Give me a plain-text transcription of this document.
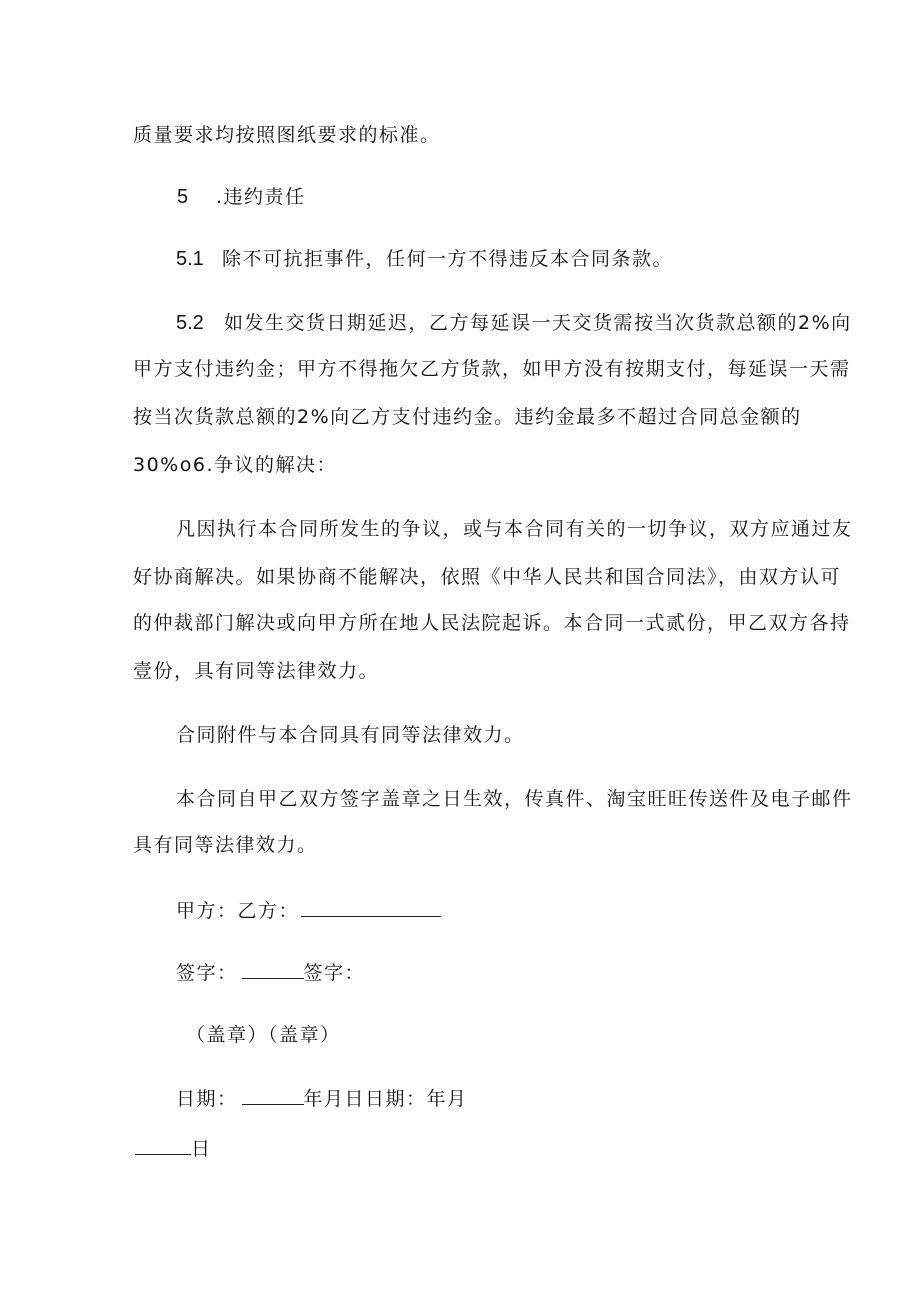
质量要求均按照图纸要求的标准。
5 .违约责任
5.1 除不可抗拒事件，任何一方不得违反本合同条款。
5.2 如发生交货日期延迟，乙方每延误一天交货需按当次货款总额的2%向
甲方支付违约金；甲方不得拖欠乙方货款，如甲方没有按期支付，每延误一天需
按当次货款总额的2%向乙方支付违约金。违约金最多不超过合同总金额的
30%o6.争议的解决：
凡因执行本合同所发生的争议，或与本合同有关的一切争议，双方应通过友
好协商解决。如果协商不能解决，依照《中华人民共和国合同法》，由双方认可
的仲裁部门解决或向甲方所在地人民法院起诉。本合同一式贰份，甲乙双方各持
壹份，具有同等法律效力。
合同附件与本合同具有同等法律效力。
本合同自甲乙双方签字盖章之日生效，传真件、淘宝旺旺传送件及电子邮件
具有同等法律效力。
甲方：乙方：
签字：	签字：
（盖章）（盖章）
日期：	年月日日期：年月
日
